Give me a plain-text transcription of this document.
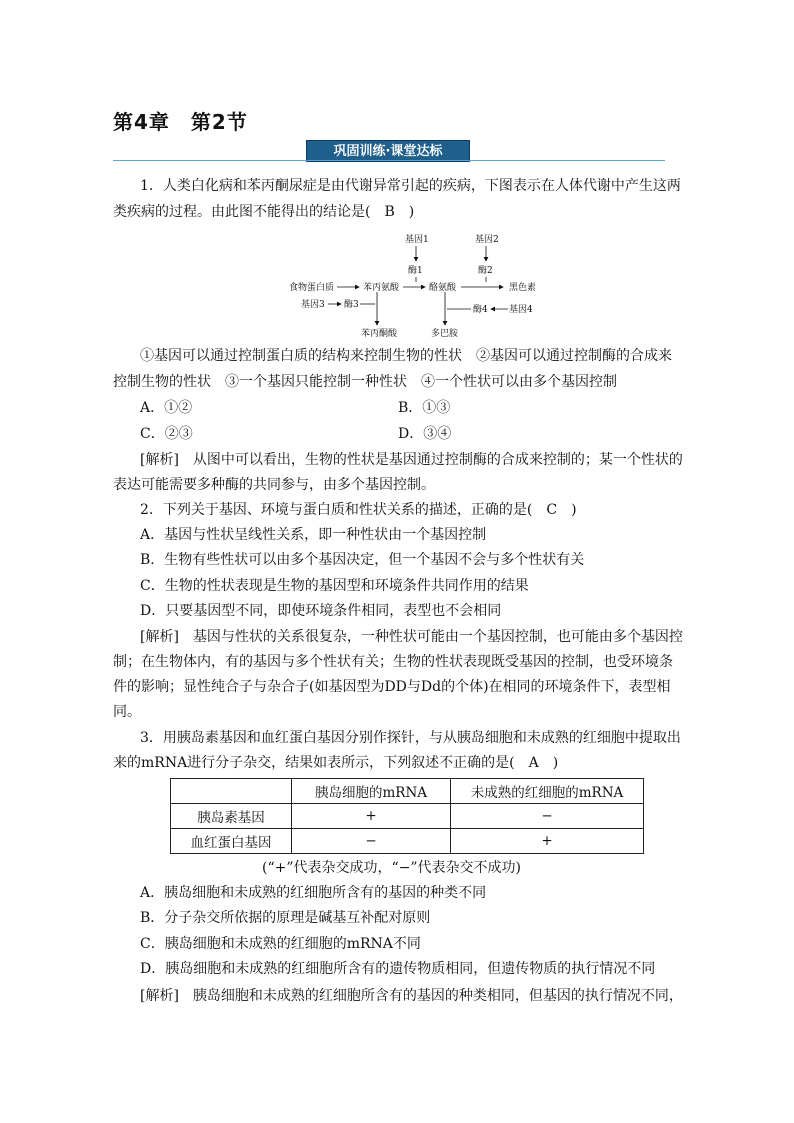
第4章　第2节
巩固训练·课堂达标
1．人类白化病和苯丙酮尿症是由代谢异常引起的疾病，下图表示在人体代谢中产生这两
类疾病的过程。由此图不能得出的结论是(　B　)
基因1	基因2
酶1	酶2
食物蛋白质	苯丙氨酸	酪氨酸	黑色素
基因3 酶3	酶4 基因4
苯丙酮酸	多巴胺
①基因可以通过控制蛋白质的结构来控制生物的性状　②基因可以通过控制酶的合成来
控制生物的性状　③一个基因只能控制一种性状　④一个性状可以由多个基因控制
A．①②	B．①③
C．②③	D．③④
[解析]　从图中可以看出，生物的性状是基因通过控制酶的合成来控制的；某一个性状的
表达可能需要多种酶的共同参与，由多个基因控制。
2．下列关于基因、环境与蛋白质和性状关系的描述，正确的是(　C　)
A．基因与性状呈线性关系，即一种性状由一个基因控制
B．生物有些性状可以由多个基因决定，但一个基因不会与多个性状有关
C．生物的性状表现是生物的基因型和环境条件共同作用的结果
D．只要基因型不同，即使环境条件相同，表型也不会相同
[解析]　基因与性状的关系很复杂，一种性状可能由一个基因控制，也可能由多个基因控
制；在生物体内，有的基因与多个性状有关；生物的性状表现既受基因的控制，也受环境条
件的影响；显性纯合子与杂合子(如基因型为DD与Dd的个体)在相同的环境条件下，表型相
同。
3．用胰岛素基因和血红蛋白基因分别作探针，与从胰岛细胞和未成熟的红细胞中提取出
来的mRNA进行分子杂交，结果如表所示，下列叙述不正确的是(　A　)
	胰岛细胞的mRNA	未成熟的红细胞的mRNA
胰岛素基因	+	−
血红蛋白基因	−	+
(“+”代表杂交成功，“−”代表杂交不成功)
A．胰岛细胞和未成熟的红细胞所含有的基因的种类不同
B．分子杂交所依据的原理是碱基互补配对原则
C．胰岛细胞和未成熟的红细胞的mRNA不同
D．胰岛细胞和未成熟的红细胞所含有的遗传物质相同，但遗传物质的执行情况不同
[解析]　胰岛细胞和未成熟的红细胞所含有的基因的种类相同，但基因的执行情况不同，
